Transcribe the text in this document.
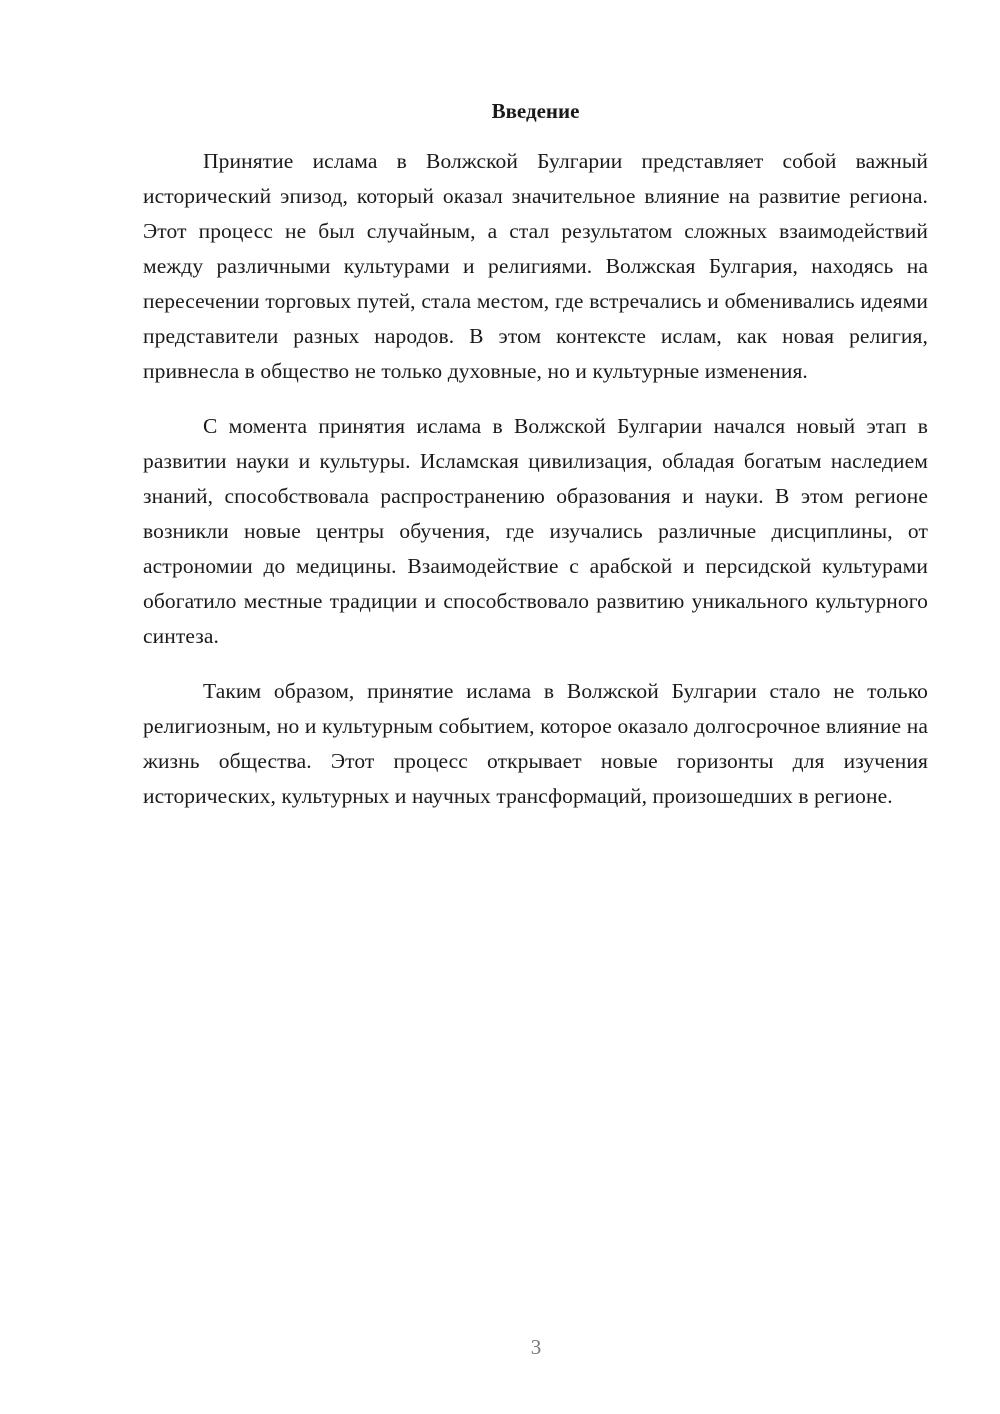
Введение

Принятие ислама в Волжской Булгарии представляет собой важный исторический эпизод, который оказал значительное влияние на развитие региона. Этот процесс не был случайным, а стал результатом сложных взаимодействий между различными культурами и религиями. Волжская Булгария, находясь на пересечении торговых путей, стала местом, где встречались и обменивались идеями представители разных народов. В этом контексте ислам, как новая религия, привнесла в общество не только духовные, но и культурные изменения.

С момента принятия ислама в Волжской Булгарии начался новый этап в развитии науки и культуры. Исламская цивилизация, обладая богатым наследием знаний, способствовала распространению образования и науки. В этом регионе возникли новые центры обучения, где изучались различные дисциплины, от астрономии до медицины. Взаимодействие с арабской и персидской культурами обогатило местные традиции и способствовало развитию уникального культурного синтеза.

Таким образом, принятие ислама в Волжской Булгарии стало не только религиозным, но и культурным событием, которое оказало долгосрочное влияние на жизнь общества. Этот процесс открывает новые горизонты для изучения исторических, культурных и научных трансформаций, произошедших в регионе.

3
